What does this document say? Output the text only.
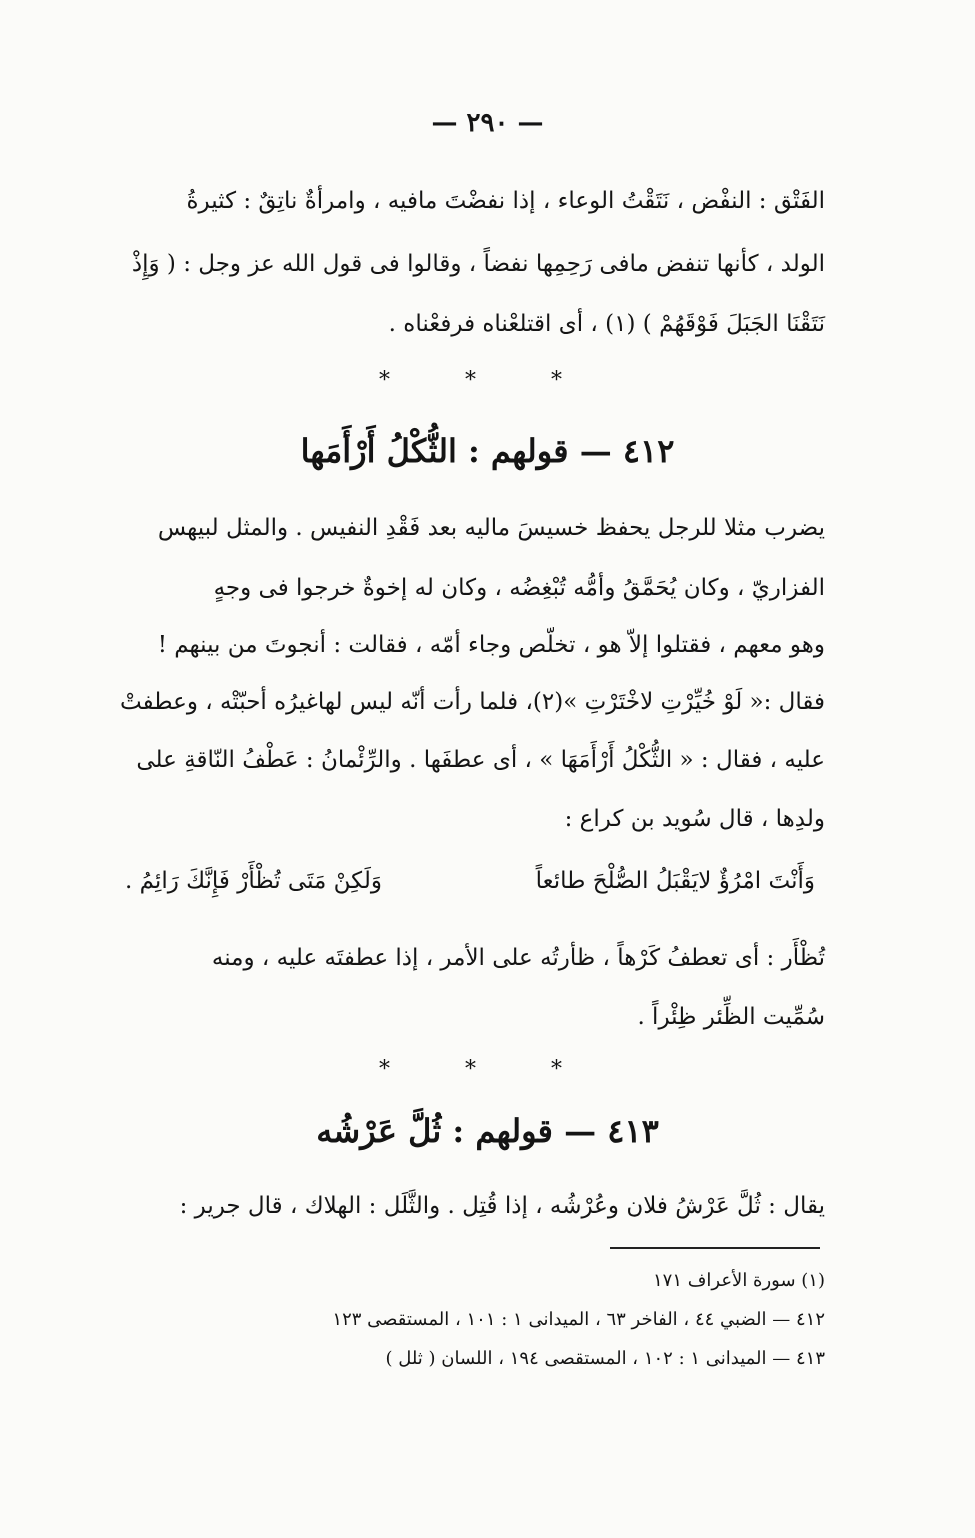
— ٢٩٠ —
الفَتْق : النفْض ، نَتَقْتُ الوعاء ، إذا نفضْتَ مافيه ، وامرأةٌ ناتِقٌ : كثيرةُ
الولد ، كأنها تنفض مافى رَحِمِها نفضاً ، وقالوا فى قول الله عز وجل : ( وَإِذْ
نَتَقْنَا الجَبَلَ فَوْقَهُمْ ) (١) ، أى اقتلعْناه فرفعْناه .
* * *
٤١٢ — قولهم : الثُّكْلُ أَرْأَمَها
يضرب مثلا للرجل يحفظ خسيسَ ماليه بعد فَقْدِ النفيس . والمثل لبيهس
الفزاريّ ، وكان يُحَمَّقُ وأمُّه تُبْغِضُه ، وكان له إخوةٌ خرجوا فى وجهٍ
وهو معهم ، فقتلوا إلاّ هو ، تخلّص وجاء أمّه ، فقالت : أنجوتَ من بينهم !
فقال :« لَوْ خُيِّرْتِ لاخْتَرْتِ »(٢)، فلما رأت أنّه ليس لهاغيرُه أحبّتْه ، وعطفتْ
عليه ، فقال : « الثُّكْلُ أَرْأَمَهَا » ، أى عطفَها . والرِّئْمانُ : عَطْفُ النّاقةِ على
ولدِها ، قال سُويد بن كراع :
وَأَنْتَ امْرُؤٌ لايَقْبَلُ الصُّلْحَ طائعاً
وَلَكِنْ مَتَى تُظْأَرْ فَإِنَّكَ رَائِمُ .
تُظْأَر : أى تعطفُ كَرْهاً ، ظأرتُه على الأمر ، إذا عطفتَه عليه ، ومنه
سُمِّيت الظِّئر ظِئْراً .
* * *
٤١٣ — قولهم : ثُلَّ عَرْشُه
يقال : ثُلَّ عَرْشُ فلان وعُرْشُه ، إذا قُتِل . والثَّلَل : الهلاك ، قال جرير :
(١) سورة الأعراف ١٧١
٤١٢ — الضبي ٤٤ ، الفاخر ٦٣ ، الميدانى ١ : ١٠١ ، المستقصى ١٢٣
٤١٣ — الميدانى ١ : ١٠٢ ، المستقصى ١٩٤ ، اللسان ( ثلل )
